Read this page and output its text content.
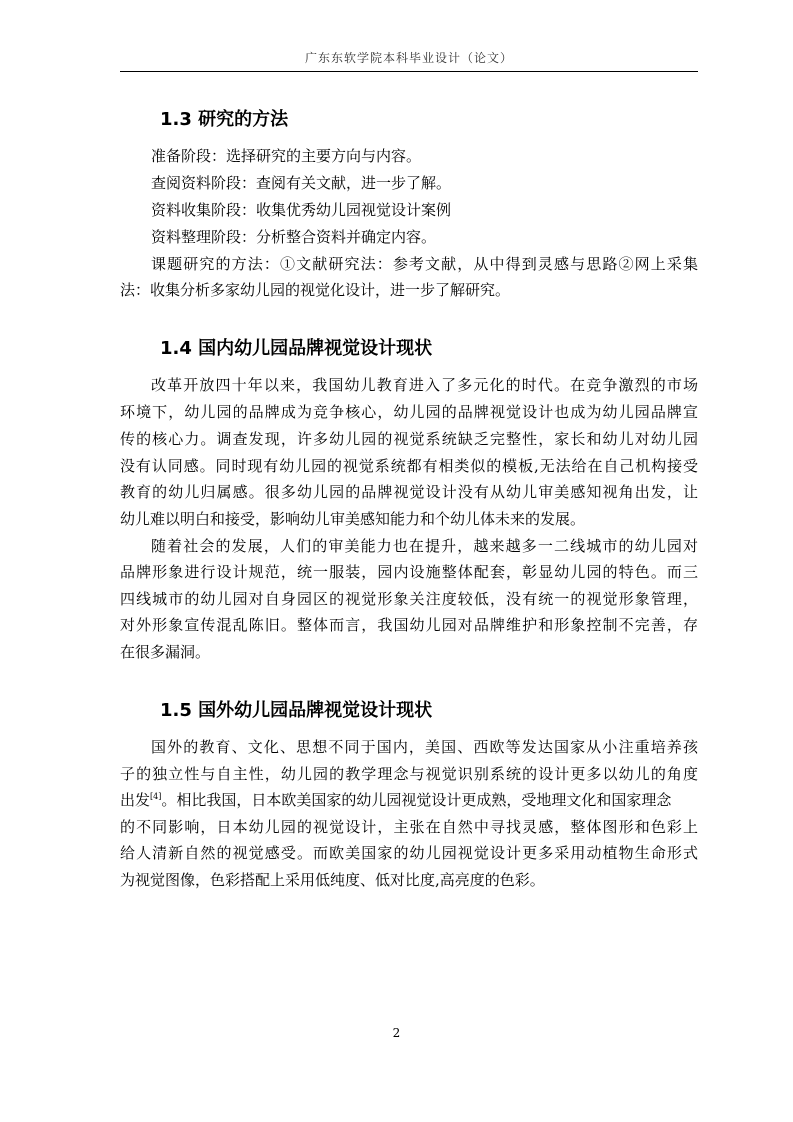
广东东软学院本科毕业设计（论文）
1.3 研究的方法
准备阶段：选择研究的主要方向与内容。
查阅资料阶段：查阅有关文献，进一步了解。
资料收集阶段：收集优秀幼儿园视觉设计案例
资料整理阶段：分析整合资料并确定内容。
课题研究的方法：①文献研究法：参考文献，从中得到灵感与思路②网上采集
法：收集分析多家幼儿园的视觉化设计，进一步了解研究。
1.4 国内幼儿园品牌视觉设计现状
改革开放四十年以来，我国幼儿教育进入了多元化的时代。在竞争激烈的市场
环境下，幼儿园的品牌成为竞争核心，幼儿园的品牌视觉设计也成为幼儿园品牌宣
传的核心力。调查发现，许多幼儿园的视觉系统缺乏完整性，家长和幼儿对幼儿园
没有认同感。同时现有幼儿园的视觉系统都有相类似的模板,无法给在自己机构接受
教育的幼儿归属感。很多幼儿园的品牌视觉设计没有从幼儿审美感知视角出发，让
幼儿难以明白和接受，影响幼儿审美感知能力和个幼儿体未来的发展。
随着社会的发展，人们的审美能力也在提升，越来越多一二线城市的幼儿园对
品牌形象进行设计规范，统一服装，园内设施整体配套，彰显幼儿园的特色。而三
四线城市的幼儿园对自身园区的视觉形象关注度较低，没有统一的视觉形象管理，
对外形象宣传混乱陈旧。整体而言，我国幼儿园对品牌维护和形象控制不完善，存
在很多漏洞。
1.5 国外幼儿园品牌视觉设计现状
国外的教育、文化、思想不同于国内，美国、西欧等发达国家从小注重培养孩
子的独立性与自主性，幼儿园的教学理念与视觉识别系统的设计更多以幼儿的角度
出发[4]。相比我国，日本欧美国家的幼儿园视觉设计更成熟，受地理文化和国家理念
的不同影响，日本幼儿园的视觉设计，主张在自然中寻找灵感，整体图形和色彩上
给人清新自然的视觉感受。而欧美国家的幼儿园视觉设计更多采用动植物生命形式
为视觉图像，色彩搭配上采用低纯度、低对比度,高亮度的色彩。
2
